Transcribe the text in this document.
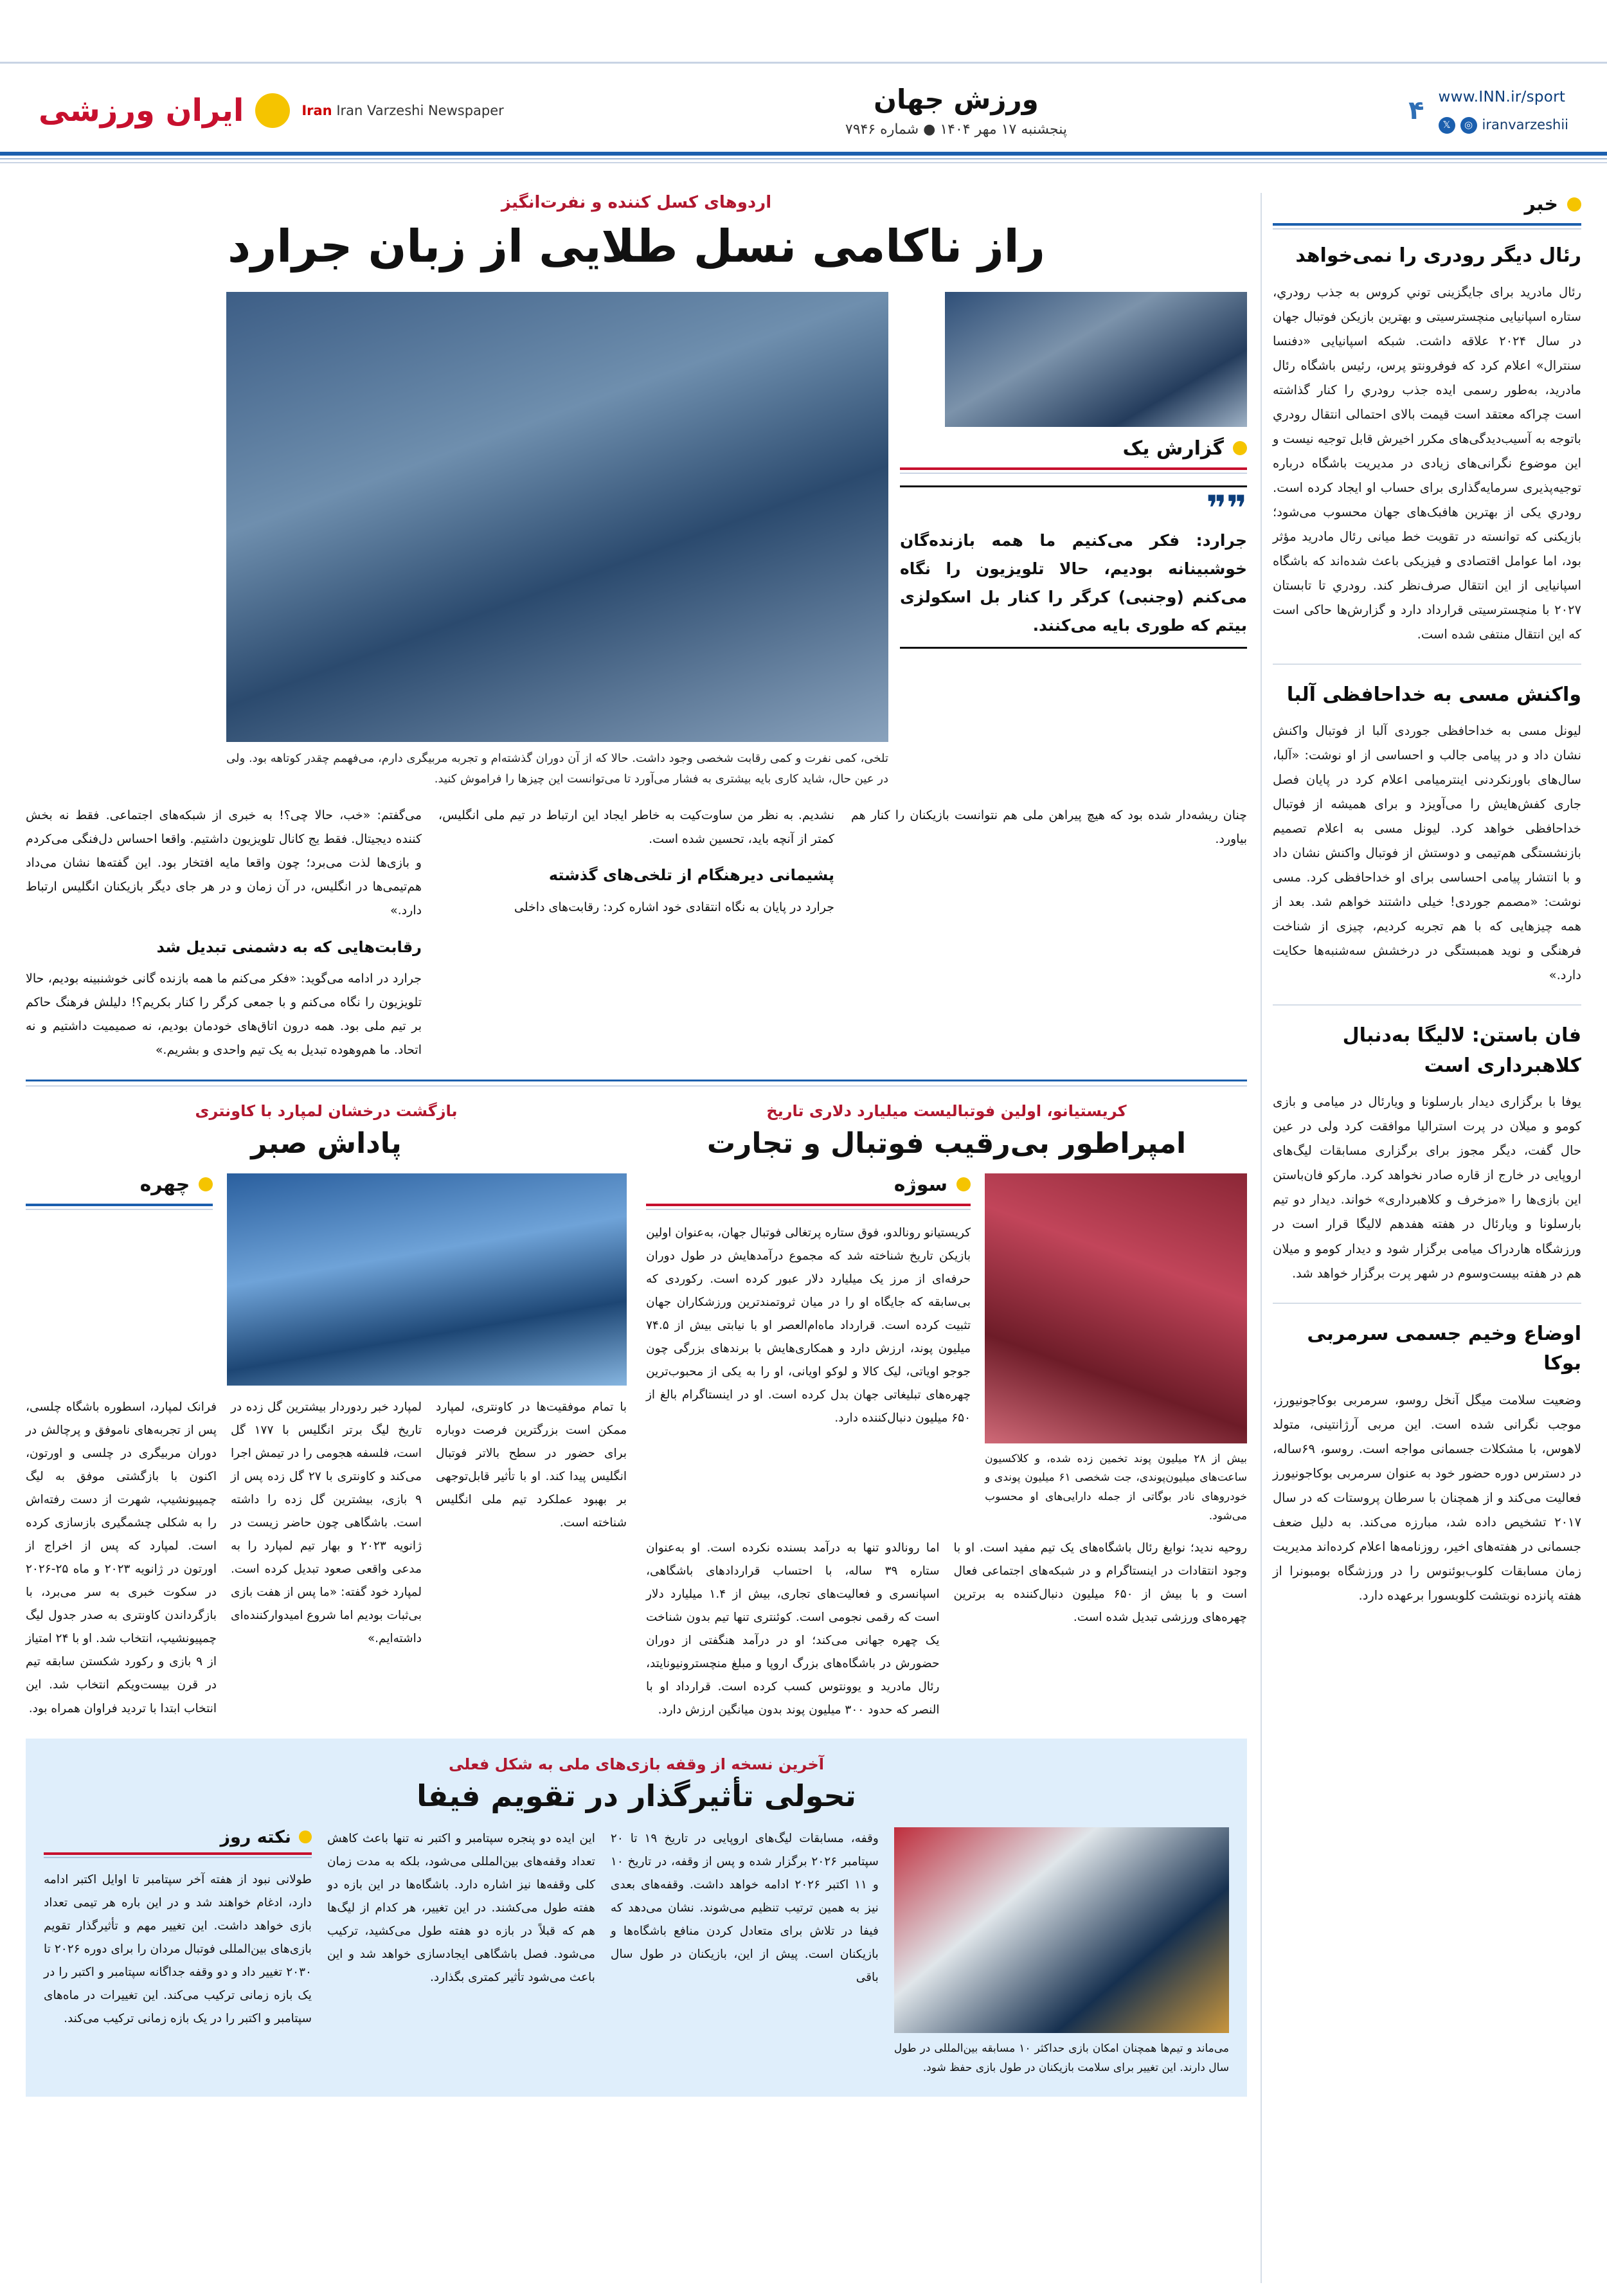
www.INN.ir/sport
𝕏	◎ iranvarzeshii
۴
ورزش جهان
پنجشنبه ۱۷ مهر ۱۴۰۴ ● شماره ۷۹۴۶
Iran Iran Varzeshi Newspaper
ایران ورزشی
خبر
رئال دیگر رودری را نمی‌خواهد
رئال مادرید برای جایگزینی توني کروس به جذب رودري، ستاره اسپانیایی منچسترسیتی و بهترین بازیکن فوتبال جهان در سال ۲۰۲۴ علاقه داشت. شبکه اسپانیایی «دفنسا سنترال» اعلام کرد که فوفرونتو پرس، رئیس باشگاه رئال مادرید، به‌طور رسمی ایده جذب رودري را کنار گذاشته است چراکه معتقد است قیمت بالای احتمالی انتقال رودري باتوجه به آسیب‌دیدگی‌های مکرر اخیرش قابل توجیه نیست و این موضوع نگرانی‌های زیادی در مدیریت باشگاه درباره توجیه‌پذیری سرمایه‌گذاری برای حساب او ایجاد کرده است. رودري یکی از بهترین هافبک‌های جهان محسوب می‌شود؛ بازیکنی که توانسته در تقویت خط میانی رئال مادرید مؤثر بود، اما عوامل اقتصادی و فیزیکی باعث شده‌اند که باشگاه اسپانیایی از این انتقال صرف‌نظر کند. رودري تا تابستان ۲۰۲۷ با منچسترسیتی قرارداد دارد و گزارش‌ها حاکی است که این انتقال منتفی شده است.
واکنش مسی به خداحافظی آلبا
لیونل مسی به خداحافظی جوردی آلبا از فوتبال واکنش نشان داد و در پیامی جالب و احساسی از او نوشت: «آلبا، سال‌های باورنکردنی اینترمیامی اعلام کرد در پایان فصل جاری کفش‌هایش را می‌آویزد و برای همیشه از فوتبال خداحافظی خواهد کرد. لیونل مسی به اعلام تصمیم بازنشستگی هم‌تیمی و دوستش از فوتبال واکنش نشان داد و با انتشار پیامی احساسی برای او خداحافظی کرد. مسی نوشت: «مصمم جوردی! خیلی داشتند خواهم شد. بعد از همه چیزهایی که با هم تجربه کردیم، چیزی از شناخت فرهنگی و نوید همبستگی در درخشش سه‌شنبه‌ها حکایت دارد.»
فان باستن: لالیگا به‌دنبال کلاهبرداری است
یوفا با برگزاری دیدار بارسلونا و ویارئال در میامی و بازی کومو و میلان در پرت استرالیا موافقت کرد ولی در عین حال گفت، دیگر مجوز برای برگزاری مسابقات لیگ‌های اروپایی در خارج از قاره صادر نخواهد کرد. مارکو فان‌باستن این بازی‌ها را «مزخرف و کلاهبرداری» خواند. دیدار دو تیم بارسلونا و ویارئال در هفته هفدهم لالیگا قرار است در ورزشگاه هاردراک میامی برگزار شود و دیدار کومو و میلان هم در هفته بیست‌وسوم در شهر پرت برگزار خواهد شد.
اوضاع وخیم جسمی سرمربی بوکا
وضعیت سلامت میگل آنخل روسو، سرمربی بوکاجونیورز، موجب نگرانی شده است. این مربی آرژانتینی، متولد لاهوس، با مشکلات جسمانی مواجه است. روسو، ۶۹ساله، در دسترس دوره حضور خود به عنوان سرمربی بوکاجونیورز فعالیت می‌کند و از همچنان با سرطان پروستات که در سال ۲۰۱۷ تشخیص داده شد، مبارزه می‌کند. به دلیل ضعف جسمانی در هفته‌های اخیر، روزنامه‌ها اعلام کرده‌اند مدیریت زمان مسابقات کلوب‌بوئنوس را در ورزشگاه بومبونرا از هفته پانزده نوبتشت کلوبسورا برعهده دارد.
اردوهای کسل کننده و نفرت‌انگیز
راز ناکامی نسل طلایی از زبان جرارد
گزارش یک
❞❞
جرارد: فکر می‌کنیم ما همه بازنده‌گان خوشبینانه بودیم، حالا تلویزیون را نگاه می‌کنم (وجنبی) کرگر را کنار بل اسکولزی بیتم که طوری بایه می‌کنند.
تلخی، کمی نفرت و کمی رقابت شخصی وجود داشت. حالا که از آن دوران گذشته‌ام و تجربه مربیگری دارم، می‌فهمم چقدر کوتاهه بود. ولی در عین حال، شاید کاری بایه بیشتری به فشار می‌آورد تا می‌توانست این چیزها را فراموش کنید.
چنان ریشه‌دار شده بود که هیچ پیراهن ملی هم نتوانست بازیکنان را کنار هم بیاورد.
نشدیم. به نظر من ساوت‌کیت به خاطر ایجاد این ارتباط در تیم ملی انگلیس، کمتر از آنچه باید، تحسین شده است.
پشیمانی دیرهنگام از تلخی‌های گذشته
جرارد در پایان به نگاه انتقادی خود اشاره کرد: رقابت‌های داخلی
می‌گفتم: «خب، حالا چی‌؟! به خبری از شبکه‌های اجتماعی. فقط نه بخش کننده دیجیتال. فقط یج کانال تلویزیون داشتیم. واقعا احساس دل‌فنگی می‌کردم و بازی‌ها لذت می‌برد؛ چون واقعا مایه افتخار بود. این گفته‌ها نشان می‌داد هم‌تیمی‌ها در انگلیس، در آن زمان و در هر جای دیگر بازیکنان انگلیس ارتباط دارد.»
رقابت‌هایی که به دشمنی تبدیل شد
جرارد در ادامه می‌گوید: «فکر می‌کنم ما همه بازنده گانی خوشنبینه بودیم، حالا تلویزیون را نگاه می‌کنم و با جمعی کرگر را کنار بکریم؟! دلیلش فرهنگ حاکم بر تیم ملی بود. همه درون اتاق‌های خودمان بودیم، نه صمیمیت داشتیم و نه اتحاد. ما هم‌و‌هوده تبدیل به یک تیم واحدی و بشریم.»
کریستیانو، اولین فوتبالیست میلیارد دلاری تاریخ
امپراطور بی‌رقیب فوتبال و تجارت
بیش از ۲۸ میلیون پوند تخمین زده شده، و کلاکسیون ساعت‌های میلیون‌پوندی، جت شخصی ۶۱ میلیون پوندی و خودروهای نادر بوگاتی از جمله دارایی‌های او محسوب می‌شود.
سوژه
کریستیانو رونالدو، فوق ستاره پرتغالی فوتبال جهان، به‌عنوان اولین بازیکن تاریخ شناخته شد که مجموع درآمدهایش در طول دوران حرفه‌ای از مرز یک میلیارد دلار عبور کرده است. رکوردی که بی‌سابقه که جایگاه او را در میان ثروتمندترین ورزشکاران جهان تثبیت کرده است. قرارداد ماه‌ام‌العصر او با نیابتی بیش از ۷۴.۵ میلیون پوند، ارزش دارد و همکاری‌هایش با برندهای بزرگی چون جوجو اویاتی، لیک کالا و لوکو اویانی، او را به یکی از محبوب‌ترین چهره‌های تبلیغاتی جهان بدل کرده است. او در اینستاگرام بالغ از ۶۵۰ میلیون دنبال‌کننده دارد.
روحیه ندید؛ نوابغ رئال باشگاه‌های یک تیم مفید است. او با وجود انتقادات در اینستاگرام و در شبکه‌های اجتماعی فعال است و با بیش از ۶۵۰ میلیون دنبال‌کننده به برترین چهره‌های ورزشی تبدیل شده است.
اما رونالدو تنها به درآمد بسنده نکرده است. او به‌عنوان ستاره ۳۹ ساله، با احتساب قراردادهای باشگاهی، اسپانسری و فعالیت‌های تجاری، بیش از ۱.۴ میلیارد دلار است که رقمی نجومی است. کوئنتری تنها تیم بدون شناخت یک چهره جهانی می‌کند؛ او در درآمد هنگفتی از دوران حضورش در باشگاه‌های بزرگ اروپا و مبلغ منچسترونیونایتد، رئال مادرید و یوونتوس کسب کرده است. قرارداد او با النصر که حدود ۳۰۰ میلیون پوند بدون میانگین ارزش دارد.
بازگشت درخشان لمپارد با کاونتری
پاداش صبر
چهره
با تمام موفقیت‌ها در کاونتری، لمپارد ممکن است بزرگترین فرصت دوباره برای حضور در سطح بالاتر فوتبال انگلیس پیدا کند. او با تأثیر قابل‌توجهی بر بهبود عملکرد تیم ملی انگلیس شناخته است.
لمپارد خبر ردوردار بیشترین گل زده در تاریخ لیگ برتر انگلیس با ۱۷۷ گل است، فلسفه هجومی را در تیمش اجرا می‌کند و کاونتری با ۲۷ گل زده پس از ۹ بازی، بیشترین گل زده را داشته است. باشگاهی چون حاضر زیست در ژانویه ۲۰۲۳ و بهار تیم لمپارد را به مدعی واقعی صعود تبدیل کرده است. لمپارد خود گفته: «ما پس از هفت بازی بی‌ثبات بودیم اما شروع امیدوارکننده‌ای داشته‌ایم.»
فرانک لمپارد، اسطوره باشگاه چلسی، پس از تجربه‌های ناموفق و پرچالش در دوران مربیگری در چلسی و اورتون، اکنون با بازگشتی موفق به لیگ چمپیونشیپ، شهرت از دست رفته‌اش را به شکلی چشمگیری بازسازی کرده است. لمپارد که پس از اخراج از اورتون در ژانویه ۲۰۲۳ و ماه ۲۵-۲۰۲۶ در سکوت خبری به سر می‌برد، با بازگرداندن کاونتری به صدر جدول لیگ چمپیونشیپ، انتخاب شد. او با ۲۴ امتیاز از ۹ بازی و رکورد شکستن سابقه تیم در قرن بیست‌ویکم انتخاب شد. این انتخاب ابتدا با تردید فراوان همراه بود.
آخرین نسخه از وقفه بازی‌های ملی به شکل فعلی
تحولی تأثیرگذار در تقویم فیفا
می‌ماند و تیم‌ها همچنان امکان بازی حداکثر ۱۰ مسابقه بین‌المللی در طول سال دارند. این تغییر برای سلامت بازیکنان در طول بازی حفظ شود.
وقفه، مسابقات لیگ‌های اروپایی در تاریخ ۱۹ تا ۲۰ سپتامبر ۲۰۲۶ برگزار شده و پس از وقفه، در تاریخ ۱۰ و ۱۱ اکتبر ۲۰۲۶ ادامه خواهد داشت. وقفه‌های بعدی نیز به همین ترتیب تنظیم می‌شوند. نشان می‌دهد که فیفا در تلاش برای متعادل کردن منافع باشگاه‌ها و بازیکنان است. پیش از این، بازیکنان در طول سال باقی
این ایده دو پنجره سپتامبر و اکتبر نه تنها باعث کاهش تعداد وقفه‌های بین‌المللی می‌شود، بلکه به مدت زمان کلی وقفه‌ها نیز اشاره دارد. باشگاه‌ها در این بازه دو هفته طول می‌کشند. در این تغییر، هر کدام از لیگ‌ها هم که قبلاً در بازه دو هفته طول می‌کشید، ترکیب می‌شود. فصل باشگاهی ایجاد‌سازی خواهد شد و این باعث می‌شود تأثیر کمتری بگذارد.
نکته روز
طولانی نبود از هفته آخر سپتامبر تا اوایل اکتبر ادامه دارد، ادغام خواهند شد و در این باره هر تیمی تعداد بازی خواهد داشت. این تغییر مهم و تأثیرگذار تقویم بازی‌های بین‌المللی فوتبال مردان را برای دوره ۲۰۲۶ تا ۲۰۳۰ تغییر داد و دو وقفه جداگانه سپتامبر و اکتبر را در یک بازه زمانی ترکیب می‌کند. این تغییرات در ماه‌های سپتامبر و اکتبر را در یک بازه زمانی ترکیب می‌کند.
